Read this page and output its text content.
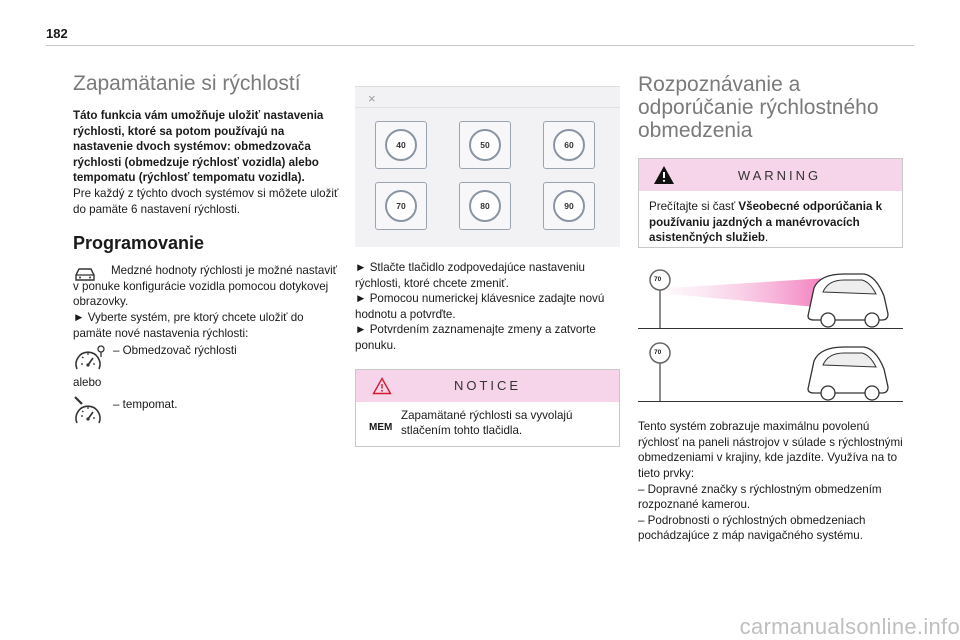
182
Zapamätanie si rýchlostí

Táto funkcia vám umožňuje uložiť nastavenia rýchlosti, ktoré sa potom používajú na nastavenie dvoch systémov: obmedzovača rýchlosti (obmedzuje rýchlosť vozidla) alebo tempomatu (rýchlosť tempomatu vozidla).

Pre každý z týchto dvoch systémov si môžete uložiť do pamäte 6 nastavení rýchlosti.

Programovanie

Medzné hodnoty rýchlosti je možné nastaviť v ponuke konfigurácie vozidla pomocou dotykovej obrazovky.

► Vyberte systém, pre ktorý chcete uložiť do pamäte nové nastavenia rýchlosti:

– Obmedzovač rýchlosti

alebo

– tempomat.

×
40	50	60
70	80	90

► Stlačte tlačidlo zodpovedajúce nastaveniu rýchlosti, ktoré chcete zmeniť.
► Pomocou numerickej klávesnice zadajte novú hodnotu a potvrďte.
► Potvrdením zaznamenajte zmeny a zatvorte ponuku.

NOTICE
MEM

Zapamätané rýchlosti sa vyvolajú stlačením tohto tlačidla.

Rozpoznávanie a odporúčanie rýchlostného obmedzenia
WARNING

Prečítajte si časť Všeobecné odporúčania k používaniu jazdných a manévrovacích asistenčných služieb.

70
70

Tento systém zobrazuje maximálnu povolenú rýchlosť na paneli nástrojov v súlade s rýchlostnými obmedzeniami v krajiny, kde jazdíte. Využíva na to tieto prvky:
– Dopravné značky s rýchlostným obmedzením rozpoznané kamerou.
– Podrobnosti o rýchlostných obmedzeniach pochádzajúce z máp navigačného systému.

carmanualsonline.info
